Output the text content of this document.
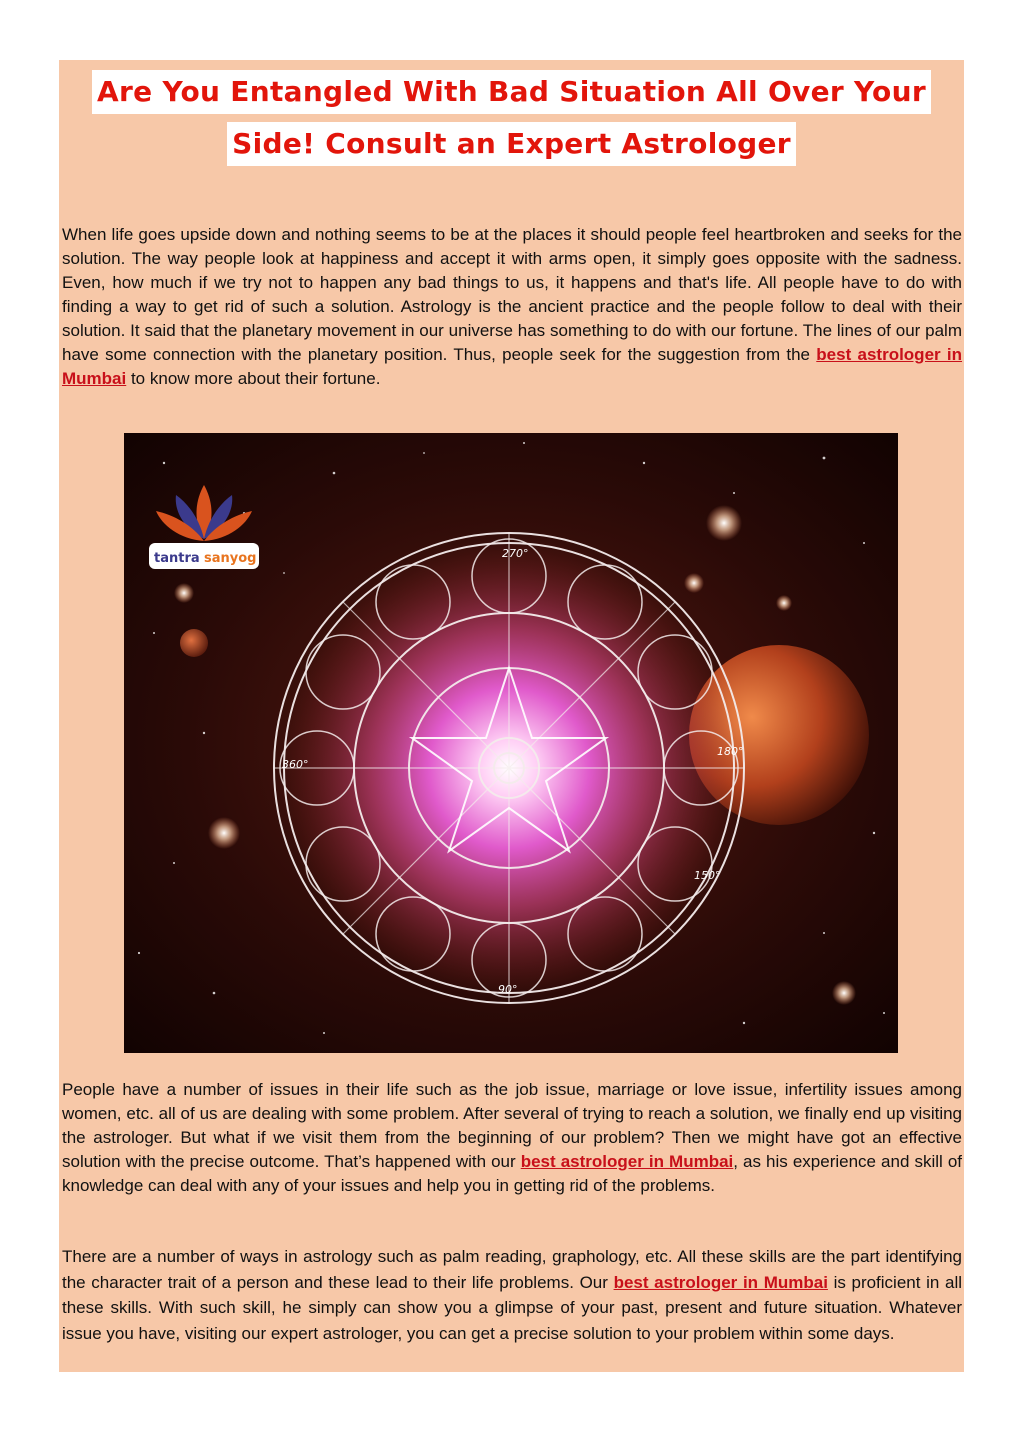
Are You Entangled With Bad Situation All Over Your
Side! Consult an Expert Astrologer
When life goes upside down and nothing seems to be at the places it should people feel heartbroken and seeks for the solution. The way people look at happiness and accept it with arms open, it simply goes opposite with the sadness. Even, how much if we try not to happen any bad things to us, it happens and that's life. All people have to do with finding a way to get rid of such a solution. Astrology is the ancient practice and the people follow to deal with their solution. It said that the planetary movement in our universe has something to do with our fortune. The lines of our palm have some connection with the planetary position. Thus, people seek for the suggestion from the best astrologer in Mumbai to know more about their fortune.
270°
360°
180°
150°
90°
tantra sanyog
People have a number of issues in their life such as the job issue, marriage or love issue, infertility issues among women, etc. all of us are dealing with some problem. After several of trying to reach a solution, we finally end up visiting the astrologer. But what if we visit them from the beginning of our problem? Then we might have got an effective solution with the precise outcome. That’s happened with our best astrologer in Mumbai, as his experience and skill of knowledge can deal with any of your issues and help you in getting rid of the problems.
There are a number of ways in astrology such as palm reading, graphology, etc. All these skills are the part identifying the character trait of a person and these lead to their life problems. Our best astrologer in Mumbai is proficient in all these skills. With such skill, he simply can show you a glimpse of your past, present and future situation. Whatever issue you have, visiting our expert astrologer, you can get a precise solution to your problem within some days.
